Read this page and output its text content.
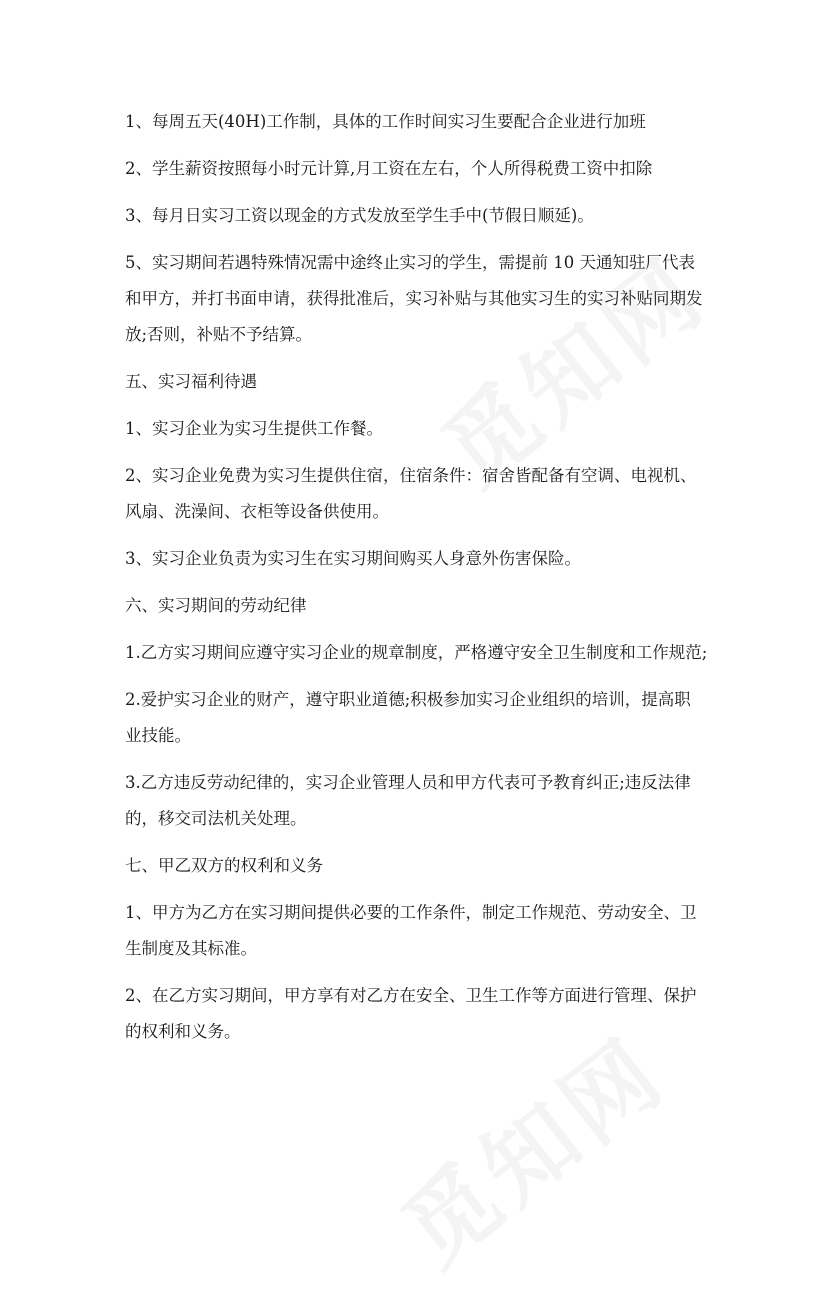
1、每周五天(40H)工作制，具体的工作时间实习生要配合企业进行加班

2、学生薪资按照每小时元计算,月工资在左右，个人所得税费工资中扣除

3、每月日实习工资以现金的方式发放至学生手中(节假日顺延)。

5、实习期间若遇特殊情况需中途终止实习的学生，需提前 10 天通知驻厂代表

和甲方，并打书面申请，获得批准后，实习补贴与其他实习生的实习补贴同期发

放;否则，补贴不予结算。

五、实习福利待遇

1、实习企业为实习生提供工作餐。

2、实习企业免费为实习生提供住宿，住宿条件：宿舍皆配备有空调、电视机、

风扇、洗澡间、衣柜等设备供使用。

3、实习企业负责为实习生在实习期间购买人身意外伤害保险。

六、实习期间的劳动纪律

1.乙方实习期间应遵守实习企业的规章制度，严格遵守安全卫生制度和工作规范;

2.爱护实习企业的财产，遵守职业道德;积极参加实习企业组织的培训，提高职

业技能。

3.乙方违反劳动纪律的，实习企业管理人员和甲方代表可予教育纠正;违反法律

的，移交司法机关处理。

七、甲乙双方的权利和义务

1、甲方为乙方在实习期间提供必要的工作条件，制定工作规范、劳动安全、卫

生制度及其标准。

2、在乙方实习期间，甲方享有对乙方在安全、卫生工作等方面进行管理、保护

的权利和义务。
